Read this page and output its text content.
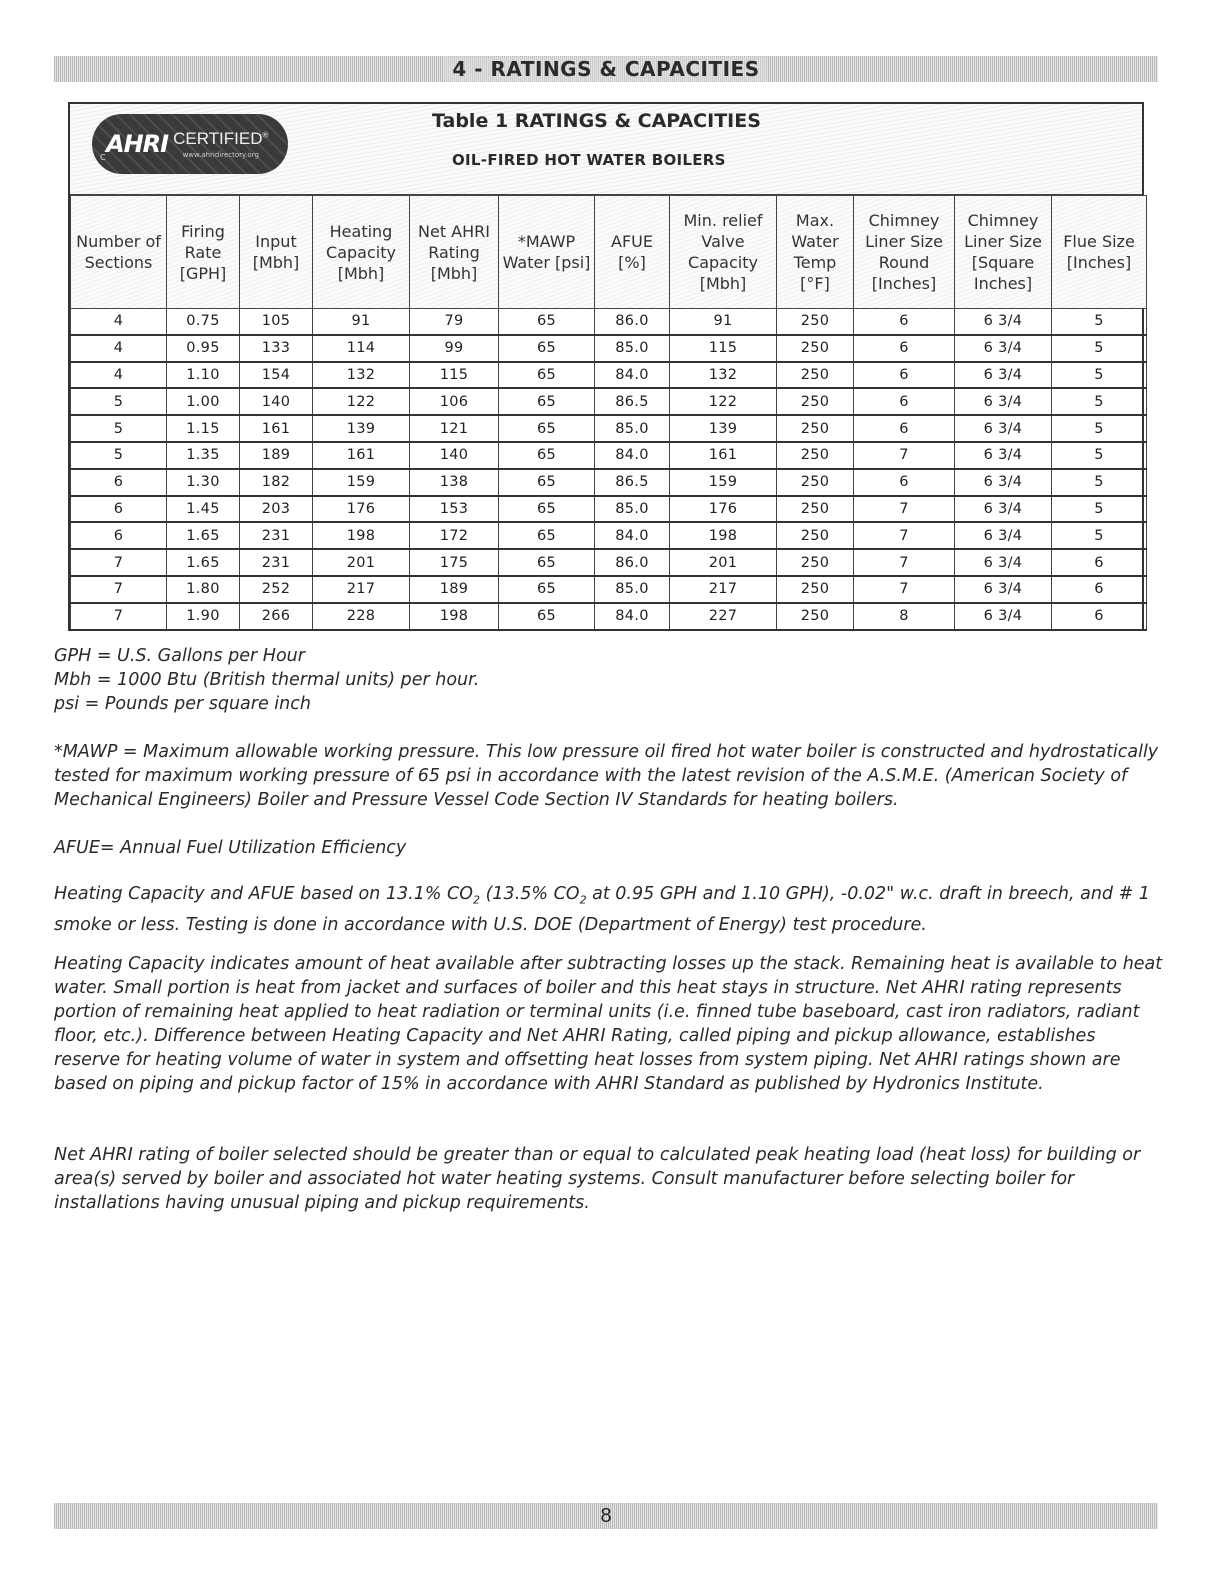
4 - RATINGS & CAPACITIES
C AHRI CERTIFIED®
www.ahridirectory.org
Table 1 RATINGS & CAPACITIES
OIL-FIRED HOT WATER BOILERS
Number of Sections	Firing Rate [GPH]	Input [Mbh]	Heating Capacity [Mbh]	Net AHRI Rating [Mbh]	*MAWP Water [psi]	AFUE [%]	Min. relief Valve Capacity [Mbh]	Max. Water Temp [°F]	Chimney Liner Size Round [Inches]	Chimney Liner Size [Square Inches]	Flue Size [Inches]
4	0.75	105	91	79	65	86.0	91	250	6	6 3/4	5
4	0.95	133	114	99	65	85.0	115	250	6	6 3/4	5
4	1.10	154	132	115	65	84.0	132	250	6	6 3/4	5
5	1.00	140	122	106	65	86.5	122	250	6	6 3/4	5
5	1.15	161	139	121	65	85.0	139	250	6	6 3/4	5
5	1.35	189	161	140	65	84.0	161	250	7	6 3/4	5
6	1.30	182	159	138	65	86.5	159	250	6	6 3/4	5
6	1.45	203	176	153	65	85.0	176	250	7	6 3/4	5
6	1.65	231	198	172	65	84.0	198	250	7	6 3/4	5
7	1.65	231	201	175	65	86.0	201	250	7	6 3/4	6
7	1.80	252	217	189	65	85.0	217	250	7	6 3/4	6
7	1.90	266	228	198	65	84.0	227	250	8	6 3/4	6

GPH = U.S. Gallons per Hour

Mbh = 1000 Btu (British thermal units) per hour.

psi = Pounds per square inch

*MAWP = Maximum allowable working pressure. This low pressure oil fired hot water boiler is constructed and hydrostatically tested for maximum working pressure of 65 psi in accordance with the latest revision of the A.S.M.E. (American Society of Mechanical Engineers) Boiler and Pressure Vessel Code Section IV Standards for heating boilers.

AFUE= Annual Fuel Utilization Efficiency

Heating Capacity and AFUE based on 13.1% $CO_2$ (13.5% $CO_2$ at 0.95 GPH and 1.10 GPH), -0.02" w.c. draft in breech, and # 1 smoke or less. Testing is done in accordance with U.S. DOE (Department of Energy) test procedure.

Heating Capacity indicates amount of heat available after subtracting losses up the stack. Remaining heat is available to heat water. Small portion is heat from jacket and surfaces of boiler and this heat stays in structure. Net AHRI rating represents portion of remaining heat applied to heat radiation or terminal units (i.e. finned tube baseboard, cast iron radiators, radiant floor, etc.). Difference between Heating Capacity and Net AHRI Rating, called piping and pickup allowance, establishes reserve for heating volume of water in system and offsetting heat losses from system piping. Net AHRI ratings shown are based on piping and pickup factor of 15% in accordance with AHRI Standard as published by Hydronics Institute.

Net AHRI rating of boiler selected should be greater than or equal to calculated peak heating load (heat loss) for building or area(s) served by boiler and associated hot water heating systems. Consult manufacturer before selecting boiler for installations having unusual piping and pickup requirements.

8
